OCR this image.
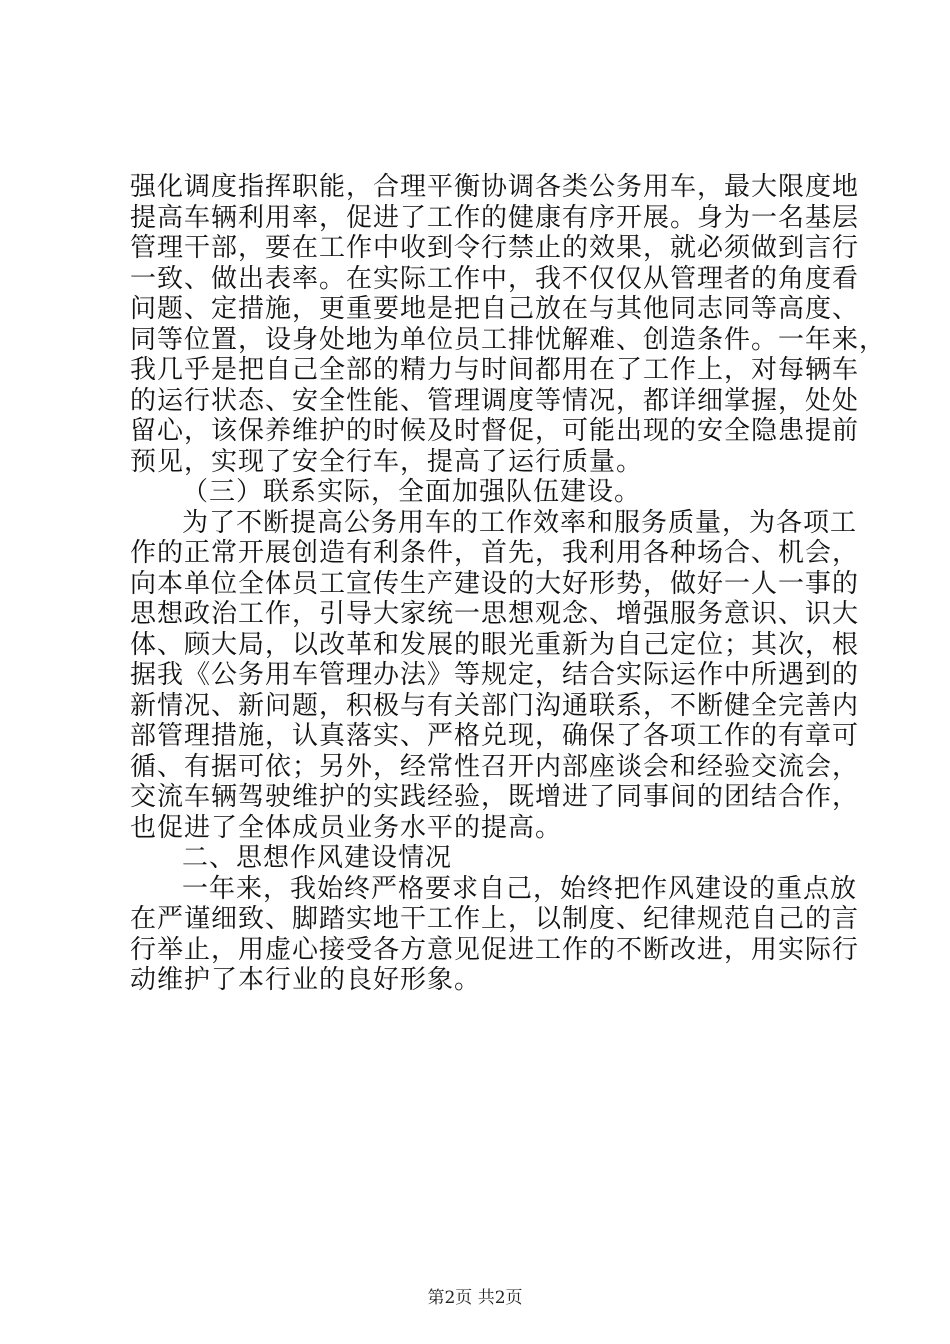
强化调度指挥职能，合理平衡协调各类公务用车，最大限度地
提高车辆利用率，促进了工作的健康有序开展。身为一名基层
管理干部，要在工作中收到令行禁止的效果，就必须做到言行
一致、做出表率。在实际工作中，我不仅仅从管理者的角度看
问题、定措施，更重要地是把自己放在与其他同志同等高度、
同等位置，设身处地为单位员工排忧解难、创造条件。一年来，
我几乎是把自己全部的精力与时间都用在了工作上，对每辆车
的运行状态、安全性能、管理调度等情况，都详细掌握，处处
留心，该保养维护的时候及时督促，可能出现的安全隐患提前
预见，实现了安全行车，提高了运行质量。
（三）联系实际，全面加强队伍建设。
为了不断提高公务用车的工作效率和服务质量，为各项工
作的正常开展创造有利条件，首先，我利用各种场合、机会，
向本单位全体员工宣传生产建设的大好形势，做好一人一事的
思想政治工作，引导大家统一思想观念、增强服务意识、识大
体、顾大局，以改革和发展的眼光重新为自己定位；其次，根
据我《公务用车管理办法》等规定，结合实际运作中所遇到的
新情况、新问题，积极与有关部门沟通联系，不断健全完善内
部管理措施，认真落实、严格兑现，确保了各项工作的有章可
循、有据可依；另外，经常性召开内部座谈会和经验交流会，
交流车辆驾驶维护的实践经验，既增进了同事间的团结合作，
也促进了全体成员业务水平的提高。
二、思想作风建设情况
一年来，我始终严格要求自己，始终把作风建设的重点放
在严谨细致、脚踏实地干工作上，以制度、纪律规范自己的言
行举止，用虚心接受各方意见促进工作的不断改进，用实际行
动维护了本行业的良好形象。
第2页 共2页
